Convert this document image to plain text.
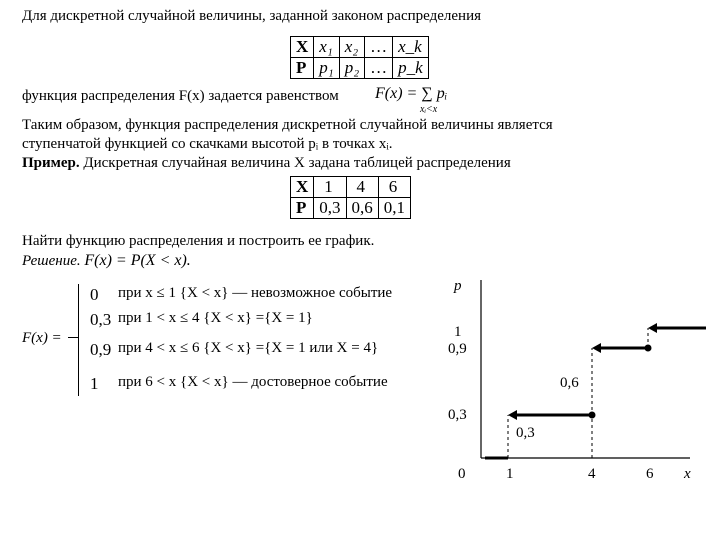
Для дискретной случайной величины, заданной законом распределения
X	x₁	x₂	…	x_k
P	p₁	p₂	…	p_k
функция распределения F(x) задается равенством F(x) = ∑ pᵢ
xᵢ<x
Таким образом, функция распределения дискретной случайной величины является
ступенчатой функцией со скачками высотой pᵢ в точках xᵢ.
Пример. Дискретная случайная величина X задана таблицей распределения
X	1	4	6
P	0,3	0,6	0,1
Найти функцию распределения и построить ее график.
Решение. F(x) = P(X < x).
F(x) =
0 при x ≤ 1 {X < x} — невозможное событие
0,3 при 1 < x ≤ 4 {X < x} ={X = 1}
0,9 при 4 < x ≤ 6 {X < x} ={X = 1 или X = 4}
1 при 6 < x {X < x} — достоверное событие
p
x
0
1
0,9
0,6
0,3
1	4	6
0,3
